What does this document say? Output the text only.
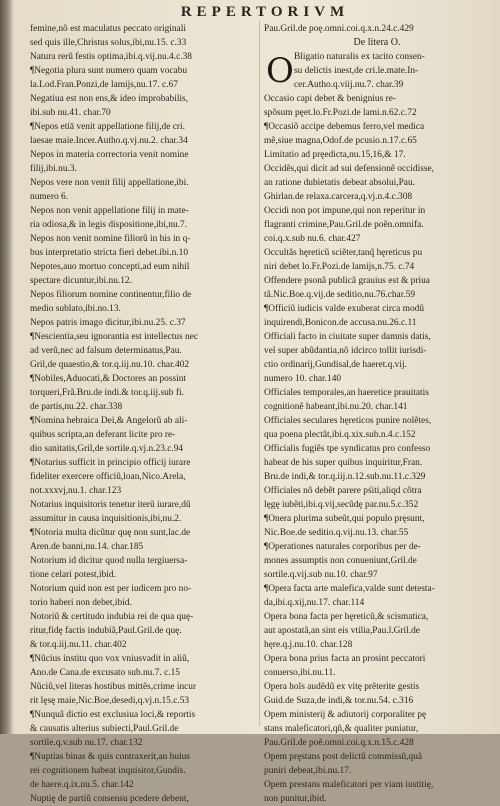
REPERTORIVM
femine,nõ est maculatus peccato originali
sed quis ille,Christus solus,ibi,nu.15. c.33
Natura rerũ festis optima,ibi.q.vij.nu.4.c.38
¶Negotia plura sunt numero quam vocabu
la.Lod.Fran.Ponzi,de lamijs,nu.17. c.67
Negatiua est non ens,& ideo improbabilis,
ibi.sub nu.41. char.70
¶Nepos etiā venit appellatione filij,de cri.
laesae maie.Incer.Autho.q.vj.nu.2. char.34
Nepos in materia correctoria venit nomine
filij,ibi.nu.3.
Nepos vere non venit filij appellatione,ibi.
numero 6.
Nepos non venit appellatione filij in mate-
ria odiosa,& in legis dispositione,ibi,nu.7.
Nepos non venit nomine filiorũ in his in q-
bus interpretatio stricta fieri debet.ibi.n.10
Nepotes,auo mortuo concepti,ad eum nihil
spectare dicuntur,ibi.nu.12.
Nepos filiorum nomine continentur,filio de
medio sublato,ibi.no.13.
Nepos patris imago dicitur,ibi.nu.25. c.37
¶Nescientia,seu ignorantia est intellectus nec
ad verũ,nec ad falsum determinatus,Pau.
Gril,de quaestio,& tor.q.iij.nu.10. char.402
¶Nobiles,Aduocati,& Doctores an possint
torqueri,Frã.Bru.de indi.& tor.q.iij.sub fi.
de partis,nu.22. char.338
¶Nomina hebraica Dei,& Angelorũ ab ali-
quibus scripta,an deferant licite pro re-
dio sanitatis,Gril,de sortile.q.vj.n.23.c.94
¶Notarius sufficit in principio officij iurare
fideliter exercere officiũ,loan,Nico.Arela,
not.xxxvj,nu.1. char.123
Notarius inquisitoris tenetur iterũ iurare,dũ
assumitur in causa inquisitionis,ibi,nu.2.
¶Notoria multa dicũtur quę non sunt,lac.de
Aren.de banni,nu.14. char.185
Notorium id dicitur quod nulla tergiuersa-
tione celari potest,ibid.
Notorium quid non est per iudicem pro no-
torio haberi non debet,ibid.
Notoriũ & certitudo indubia rei de qua quę-
ritur,fidę factis indubiã,Paul.Gril.de quę.
& tor.q.iij.nu.11. char.402
¶Nũcius institu quo vox vniusvadit in aliũ,
Ano.de Cana.de excusato sub.nu.7. c.15
Nũciũ,vel literas hostibus mittẽs,crime incur
rit lęsę maie,Nic.Boe,desedi,q.vj.n.15.c.53
¶Nunquã dictio est exclusiua loci,& reportis
& causatis alterius subiecti,Paul.Gril.de
sortile.q.v.sub nu.17. char.132
¶Nuptias binas & quis contraxerit,an huius
rei cognitionem habeat inquisitor,Gundis.
de haere.q.ix.nu.5. char.142
Nuptię de partiũ consensu pcedere debent,
Pau.Gril.de poę.omni.coi.q.x.n.24.c.429
De litera O.
O Bligatio naturalis ex tacito consen-
su delictis inest,de cri.le.mate.In-
cer.Autho.q.viij.nu.7. char.39
Occasio capi debet & benignius re-
spõsum pęet.lo.Fr.Pozi.de lami.n.62.c.72
¶Occasiõ accipe debemus ferro,vel medica
mẽ,siue magna,Odof.de pcusio.n.17.c.65
Limitatio ad pręedicta,nu.15,16,& 17.
Occidẽs,qui dicit ad sui defensionẽ occidisse,
an ratione dubietatis debeat absolui,Pau.
Ghirlan.de relaxa.carcera,q.vj.n.4.c.308
Occidi non pot impune,qui non reperitur in
flagranti crimine,Pau.Gril.de poẽn.omnifa.
coi.q.x.sub nu.6. char.427
Occultãs hęreticũ sciẽter,tanq̃ hęreticus pu
niri debet lo.Fr.Pozi.de lamijs,n.75. c.74
Offendere psonã publicã grauius est & priua
tã.Nic.Boe.q.vij.de seditio,nu.76.char.59
¶Officiũ iudicis valde exuberat circa modũ
inquirendi,Bonicon.de accusa.nu.26.c.11
Officiali facto in ciuitate super damnis datis,
vel super abũdantia,nõ idcirco tollit iurisdi-
ctio ordinarij,Gundisal,de haeret.q.vij.
numero 10. char.140
Officiales temporales,an haeretice prauitatis
cognitionẽ habeant,ibi.nu.20. char.141
Officiales seculares hęreticos punire nolẽtes,
qua poena plectãt,ibi.q.xix.sub.n.4.c.152
Officialis fugiẽs tpe syndicatus pro confesso
habeat de his super quibus inquiritur,Fran.
Bru.de indi,& tor.q.iij.n.12.sub.nu.11.c.329
Officiales nõ debẽt parere pśiti,aliqd côtra
lęgę iubẽti,ibi.q.vij,secũdę par.nu.5.c.352
¶Onera plurima subeũt,qui populo pręsunt,
Nic.Boe.de seditio.q.vij.nu.13. char.55
¶Operationes naturales corporibus per de-
mones assumptis non conueniunt,Gril.de
sortile.q.vij.sub nu.10. char.97
¶Opera facta arte malefica,valde sunt detesta-
da,ibi.q.xij,nu.17. char.114
Opera bona facta per hęreticũ,& scismatica,
aut apostatã,an sint eis vtilia,Pau.l.Gril.de
hęre.q.j.nu.10. char.128
Opera bona prius facta an prosint peccatori
conuerso,ibi.nu.11.
Opera hoĩs audẽdũ ex vitę prẽterite gestis
Guid.de Suza,de indi,& tor.nu.54. c.316
Opem ministerij & adiutorij corporaliter pę
stans maleficatori,qñ,& qualiter puniatur,
Pau.Gril.de poẽ.omni.coi.q.x.n.15.c.428
Opem pręstans post delictũ commissũ,quã
puniri debeat,ibi.nu.17.
Opem prestans maleficatori per viam iustitię,
non punitur,ibid.
